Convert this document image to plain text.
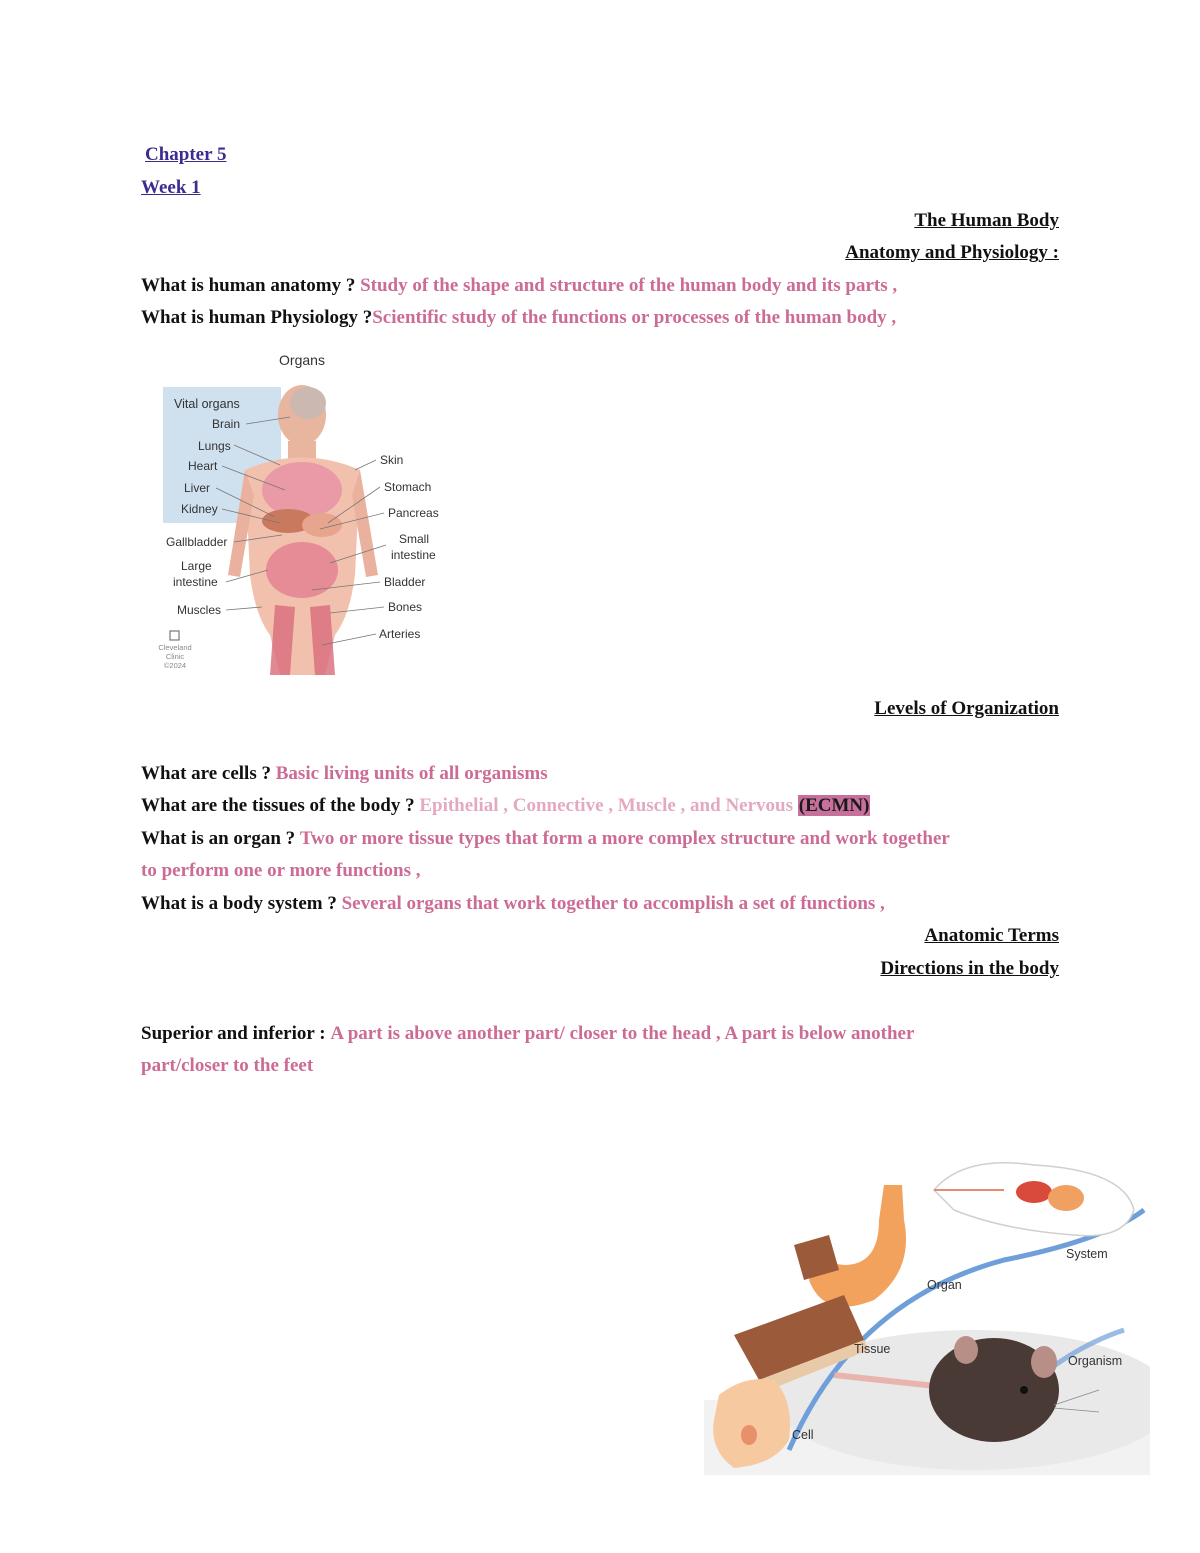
Chapter 5
Week 1
The Human Body
Anatomy and Physiology :
What is human anatomy ? Study of the shape and structure of the human body and its parts ,
What is human Physiology ?Scientific study of the functions or processes of the human body ,
Organs
Vital organs
Brain
Lungs
Heart
Liver
Kidney
Gallbladder
Large
intestine
Muscles
Skin
Stomach
Pancreas
Small
intestine
Bladder
Bones
Arteries
Cleveland
Clinic
©2024
Levels of Organization
What are cells ? Basic living units of all organisms
What are the tissues of the body ? Epithelial , Connective , Muscle , and Nervous (ECMN)
What is an organ ? Two or more tissue types that form a more complex structure and work together
to perform one or more functions ,
What is a body system ? Several organs that work together to accomplish a set of functions ,
Anatomic Terms
Directions in the body
Superior and inferior : A part is above another part/ closer to the head , A part is below another
part/closer to the feet
System
Organ
Tissue
Organism
Cell
